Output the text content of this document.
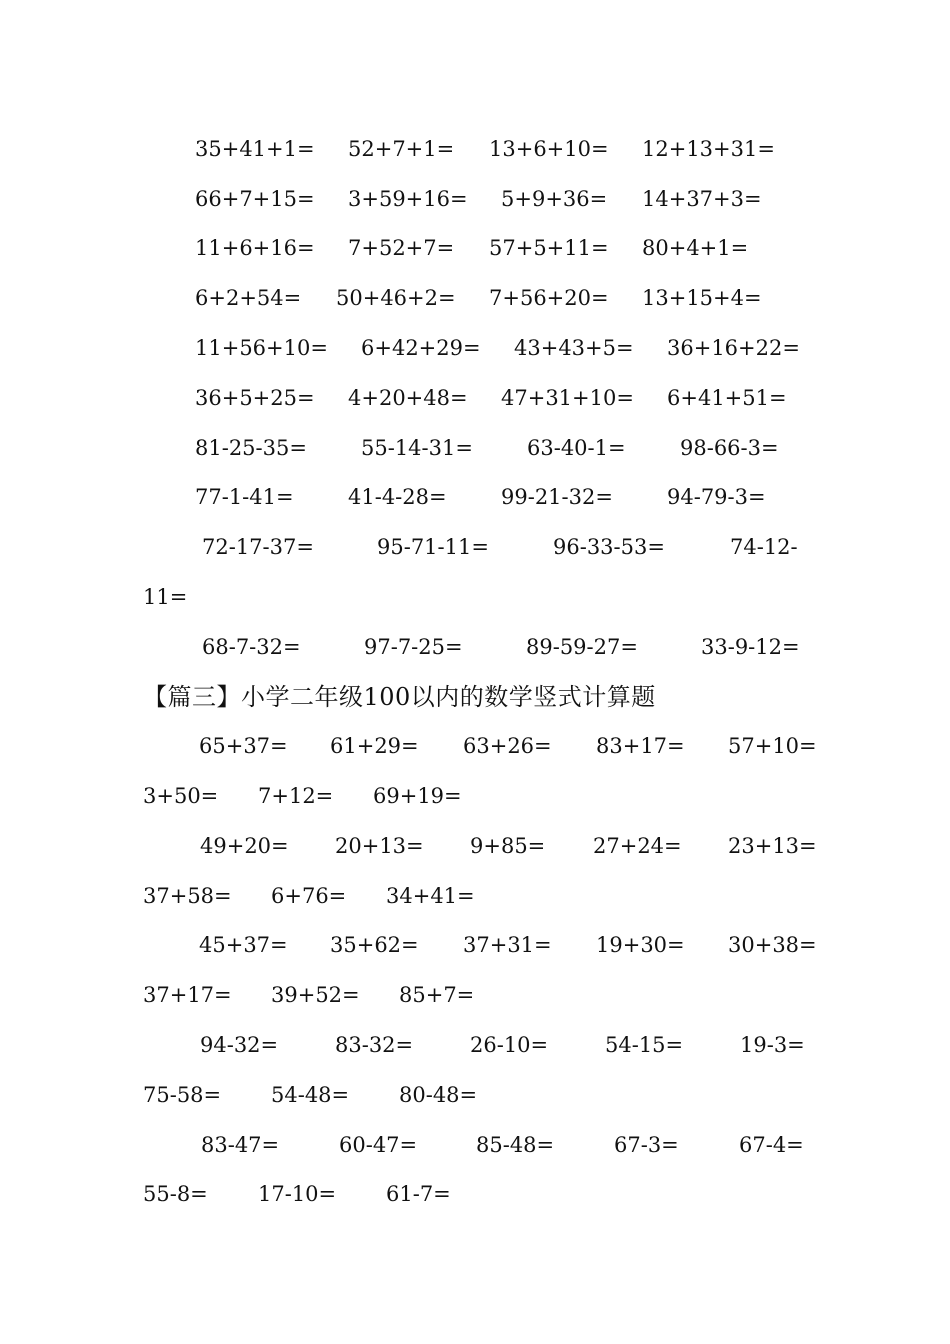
35+41+1= 52+7+1= 13+6+10= 12+13+31=
66+7+15= 3+59+16= 5+9+36= 14+37+3=
11+6+16= 7+52+7= 57+5+11= 80+4+1=
6+2+54= 50+46+2= 7+56+20= 13+15+4=
11+56+10= 6+42+29= 43+43+5= 36+16+22=
36+5+25= 4+20+48= 47+31+10= 6+41+51=
81-25-35=	55-14-31=	63-40-1=	98-66-3=
77-1-41=	41-4-28=	99-21-32=	94-79-3=
72-17-37=	95-71-11=	96-33-53=	74-12-
11=
68-7-32=	97-7-25=	89-59-27=	33-9-12=
【篇三】小学二年级100以内的数学竖式计算题
65+37= 61+29= 63+26= 83+17= 57+10=
3+50= 7+12= 69+19=
49+20= 20+13= 9+85= 27+24= 23+13=
37+58= 6+76= 34+41=
45+37= 35+62= 37+31= 19+30= 30+38=
37+17= 39+52= 85+7=
94-32=	83-32=	26-10=	54-15=	19-3=
75-58= 54-48= 80-48=
83-47=	60-47=	85-48=	67-3=	67-4=
55-8= 17-10= 61-7=
